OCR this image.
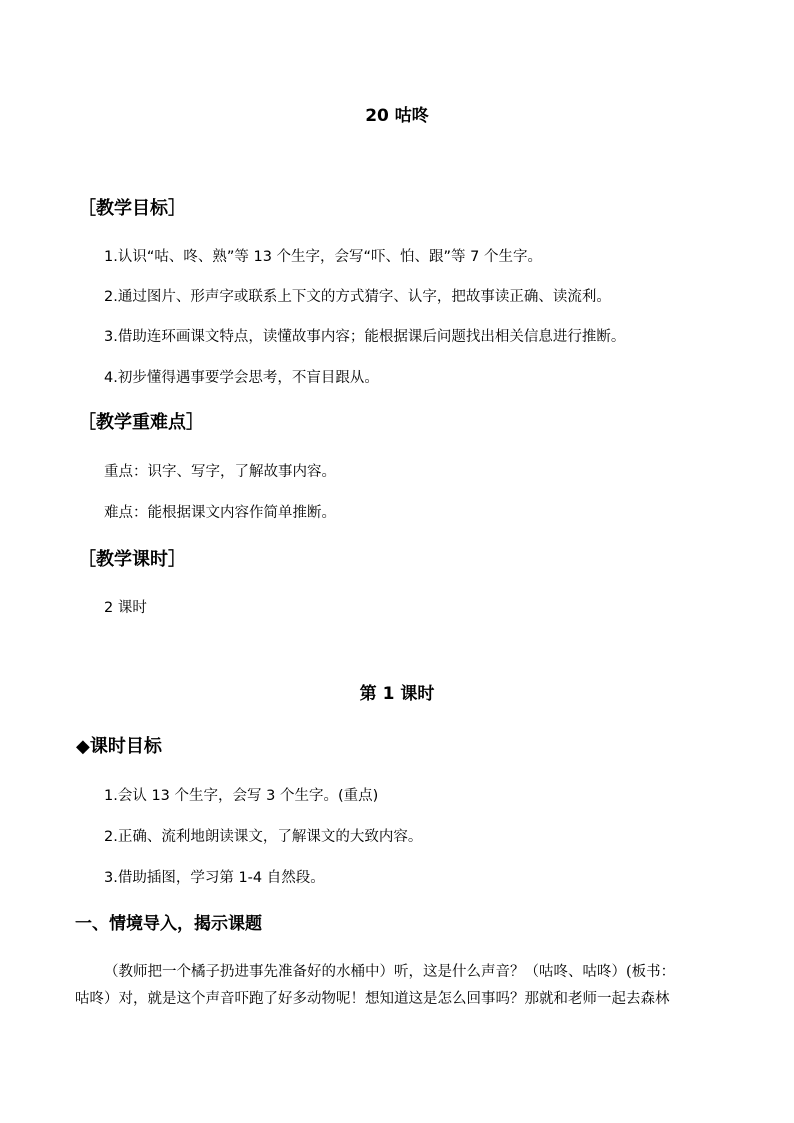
20 咕咚
［教学目标］
1.认识“咕、咚、熟”等 13 个生字，会写“吓、怕、跟”等 7 个生字。
2.通过图片、形声字或联系上下文的方式猜字、认字，把故事读正确、读流利。
3.借助连环画课文特点，读懂故事内容；能根据课后问题找出相关信息进行推断。
4.初步懂得遇事要学会思考，不盲目跟从。
［教学重难点］
重点：识字、写字，了解故事内容。
难点：能根据课文内容作简单推断。
［教学课时］
2 课时
第 1 课时
◆课时目标
1.会认 13 个生字，会写 3 个生字。(重点)
2.正确、流利地朗读课文，了解课文的大致内容。
3.借助插图，学习第 1-4 自然段。
一、情境导入，揭示课题
（教师把一个橘子扔进事先准备好的水桶中）听，这是什么声音？（咕咚、咕咚）(板书：
咕咚）对，就是这个声音吓跑了好多动物呢！想知道这是怎么回事吗？那就和老师一起去森林
